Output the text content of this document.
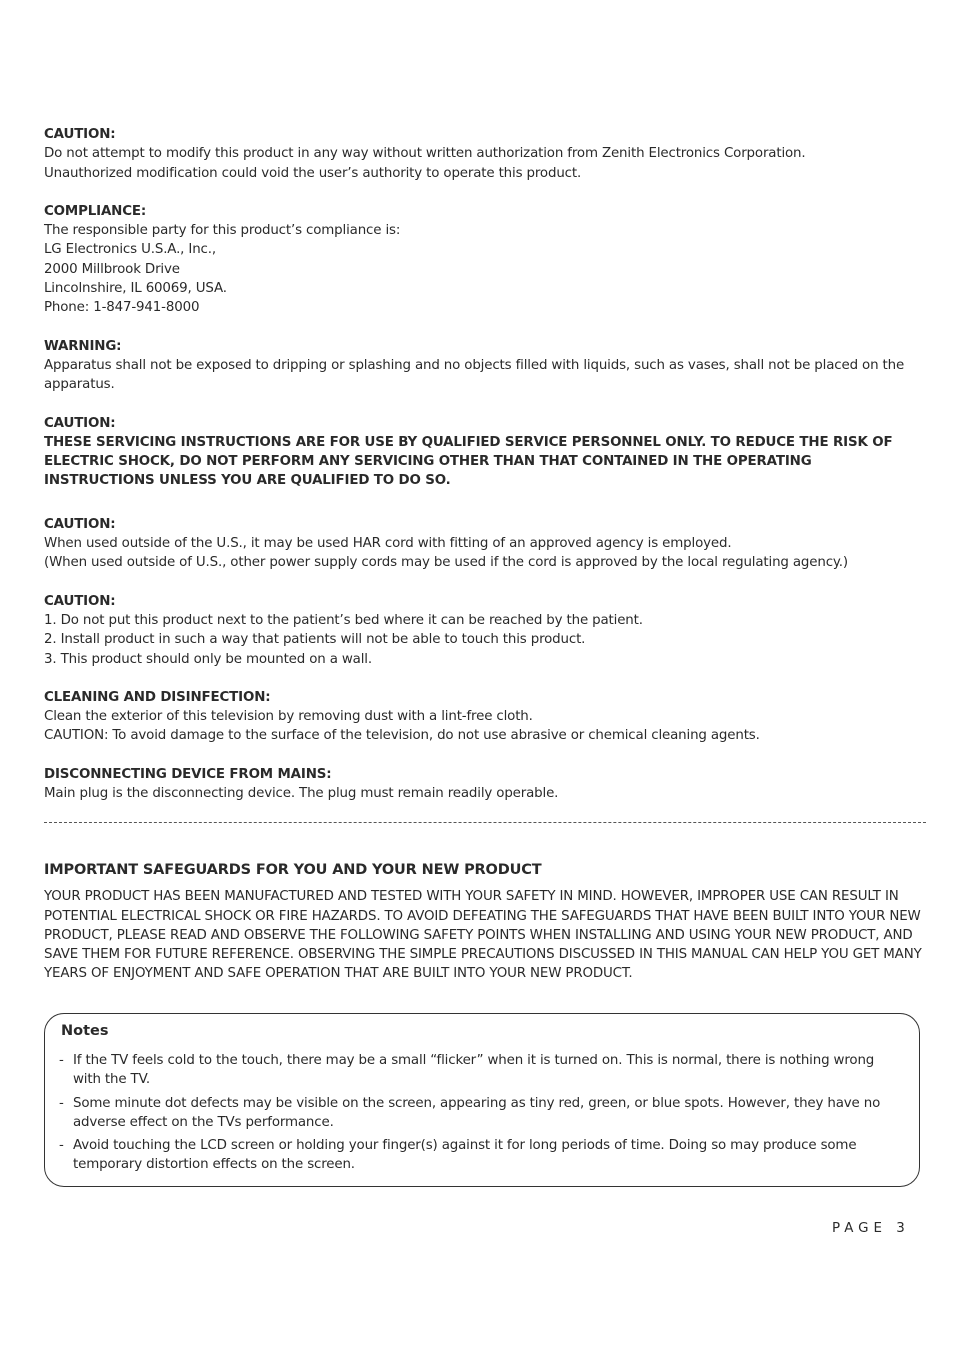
CAUTION:
Do not attempt to modify this product in any way without written authorization from Zenith Electronics Corporation.
Unauthorized modification could void the user’s authority to operate this product.
COMPLIANCE:
The responsible party for this product’s compliance is:
LG Electronics U.S.A., Inc.,
2000 Millbrook Drive
Lincolnshire, IL 60069, USA.
Phone: 1-847-941-8000
WARNING:
Apparatus shall not be exposed to dripping or splashing and no objects filled with liquids, such as vases, shall not be placed on the apparatus.
CAUTION:
THESE SERVICING INSTRUCTIONS ARE FOR USE BY QUALIFIED SERVICE PERSONNEL ONLY. TO REDUCE THE RISK OF ELECTRIC SHOCK, DO NOT PERFORM ANY SERVICING OTHER THAN THAT CONTAINED IN THE OPERATING INSTRUCTIONS UNLESS YOU ARE QUALIFIED TO DO SO.
CAUTION:
When used outside of the U.S., it may be used HAR cord with fitting of an approved agency is employed.
(When used outside of U.S., other power supply cords may be used if the cord is approved by the local regulating agency.)
CAUTION:
1. Do not put this product next to the patient’s bed where it can be reached by the patient.
2. Install product in such a way that patients will not be able to touch this product.
3. This product should only be mounted on a wall.
CLEANING AND DISINFECTION:
Clean the exterior of this television by removing dust with a lint-free cloth.
CAUTION: To avoid damage to the surface of the television, do not use abrasive or chemical cleaning agents.
DISCONNECTING DEVICE FROM MAINS:
Main plug is the disconnecting device. The plug must remain readily operable.
IMPORTANT SAFEGUARDS FOR YOU AND YOUR NEW PRODUCT
YOUR PRODUCT HAS BEEN MANUFACTURED AND TESTED WITH YOUR SAFETY IN MIND. HOWEVER, IMPROPER USE CAN RESULT IN POTENTIAL ELECTRICAL SHOCK OR FIRE HAZARDS. TO AVOID DEFEATING THE SAFEGUARDS THAT HAVE BEEN BUILT INTO YOUR NEW PRODUCT, PLEASE READ AND OBSERVE THE FOLLOWING SAFETY POINTS WHEN INSTALLING AND USING YOUR NEW PRODUCT, AND SAVE THEM FOR FUTURE REFERENCE. OBSERVING THE SIMPLE PRECAUTIONS DISCUSSED IN THIS MANUAL CAN HELP YOU GET MANY YEARS OF ENJOYMENT AND SAFE OPERATION THAT ARE BUILT INTO YOUR NEW PRODUCT.
Notes
- If the TV feels cold to the touch, there may be a small “flicker” when it is turned on. This is normal, there is nothing wrong with the TV.
- Some minute dot defects may be visible on the screen, appearing as tiny red, green, or blue spots. However, they have no adverse effect on the TVs performance.
- Avoid touching the LCD screen or holding your finger(s) against it for long periods of time. Doing so may produce some temporary distortion effects on the screen.
PAGE 3
